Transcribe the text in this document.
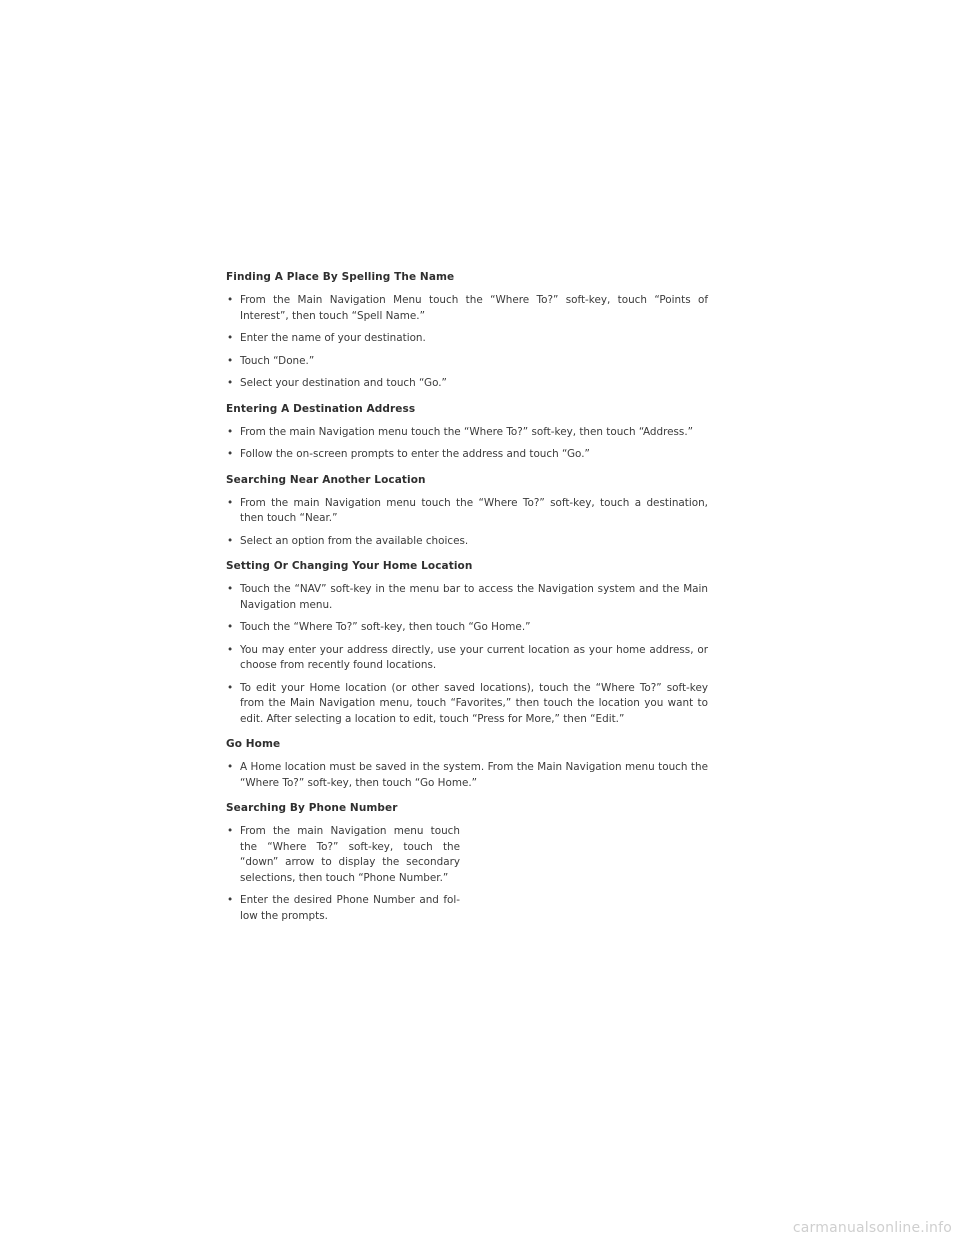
Finding A Place By Spelling The Name
• From the Main Navigation Menu touch the “Where To?” soft-key, touch “Points of Interest”, then touch “Spell Name.”
• Enter the name of your destination.
• Touch “Done.”
• Select your destination and touch “Go.”
Entering A Destination Address
• From the main Navigation menu touch the “Where To?” soft-key, then touch “Address.”
• Follow the on-screen prompts to enter the address and touch “Go.”
Searching Near Another Location
• From the main Navigation menu touch the “Where To?” soft-key, touch a destination, then touch “Near.”
• Select an option from the available choices.
Setting Or Changing Your Home Location
• Touch the “NAV” soft-key in the menu bar to access the Navigation system and the Main Navigation menu.
• Touch the “Where To?” soft-key, then touch “Go Home.”
• You may enter your address directly, use your current location as your home address, or choose from recently found locations.
• To edit your Home location (or other saved locations), touch the “Where To?” soft-key from the Main Navigation menu, touch “Favorites,” then touch the location you want to edit. After selecting a location to edit, touch “Press for More,” then “Edit.”
Go Home
• A Home location must be saved in the system. From the Main Navigation menu touch the “Where To?” soft-key, then touch “Go Home.”
Searching By Phone Number
• From the main Navigation menu touch the “Where To?” soft-key, touch the “down” arrow to display the secondary selections, then touch “Phone Number.”
• Enter the desired Phone Number and fol-low the prompts.
carmanualsonline.info
